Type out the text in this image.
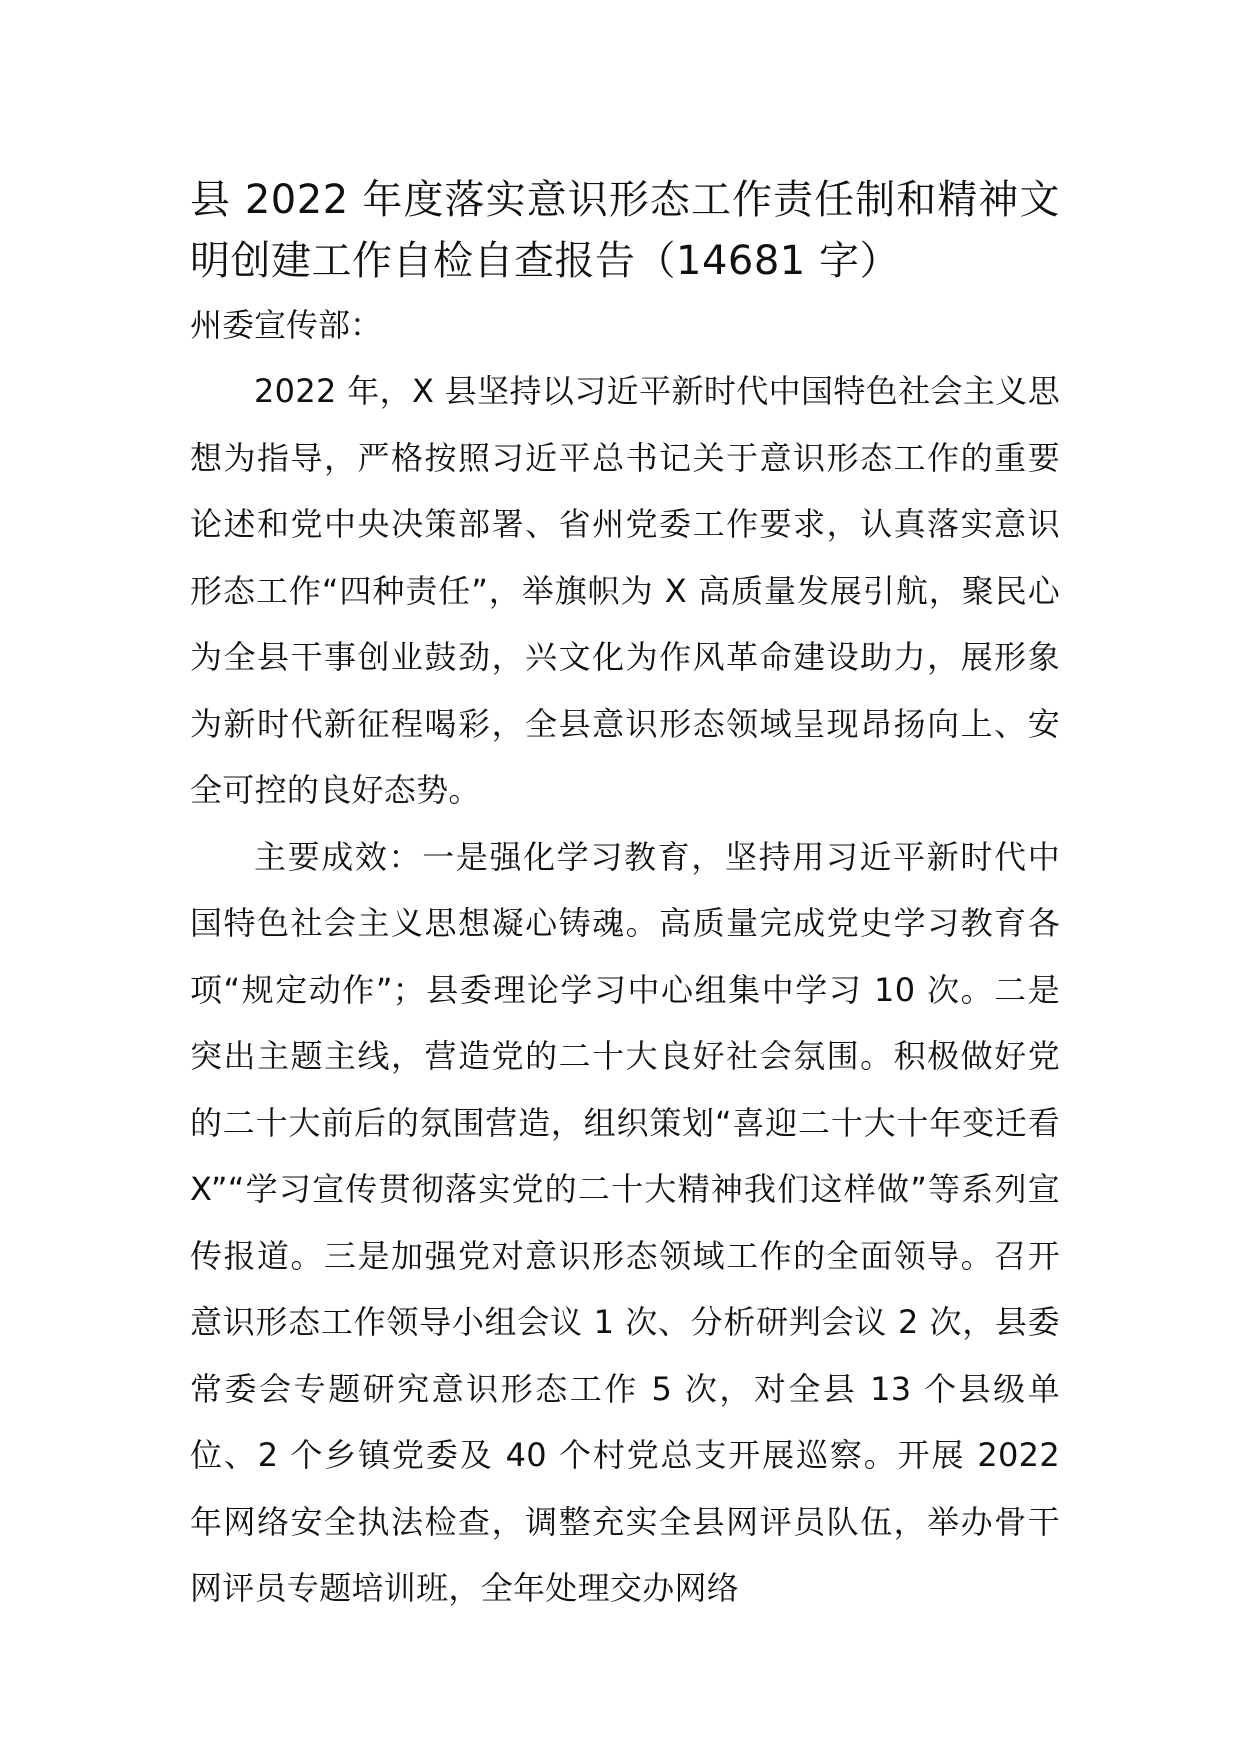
县 2022 年度落实意识形态工作责任制和精神文明创建工作自检自查报告（14681 字）

州委宣传部：

2022 年，X 县坚持以习近平新时代中国特色社会主义思想为指导，严格按照习近平总书记关于意识形态工作的重要论述和党中央决策部署、省州党委工作要求，认真落实意识形态工作“四种责任”，举旗帜为 X 高质量发展引航，聚民心为全县干事创业鼓劲，兴文化为作风革命建设助力，展形象为新时代新征程喝彩，全县意识形态领域呈现昂扬向上、安全可控的良好态势。

主要成效：一是强化学习教育，坚持用习近平新时代中国特色社会主义思想凝心铸魂。高质量完成党史学习教育各项“规定动作”；县委理论学习中心组集中学习 10 次。二是突出主题主线，营造党的二十大良好社会氛围。积极做好党的二十大前后的氛围营造，组织策划“喜迎二十大十年变迁看 X”“学习宣传贯彻落实党的二十大精神我们这样做”等系列宣传报道。三是加强党对意识形态领域工作的全面领导。召开意识形态工作领导小组会议 1 次、分析研判会议 2 次，县委常委会专题研究意识形态工作 5 次，对全县 13 个县级单位、2 个乡镇党委及 40 个村党总支开展巡察。开展 2022 年网络安全执法检查，调整充实全县网评员队伍，举办骨干网评员专题培训班，全年处理交办网络
